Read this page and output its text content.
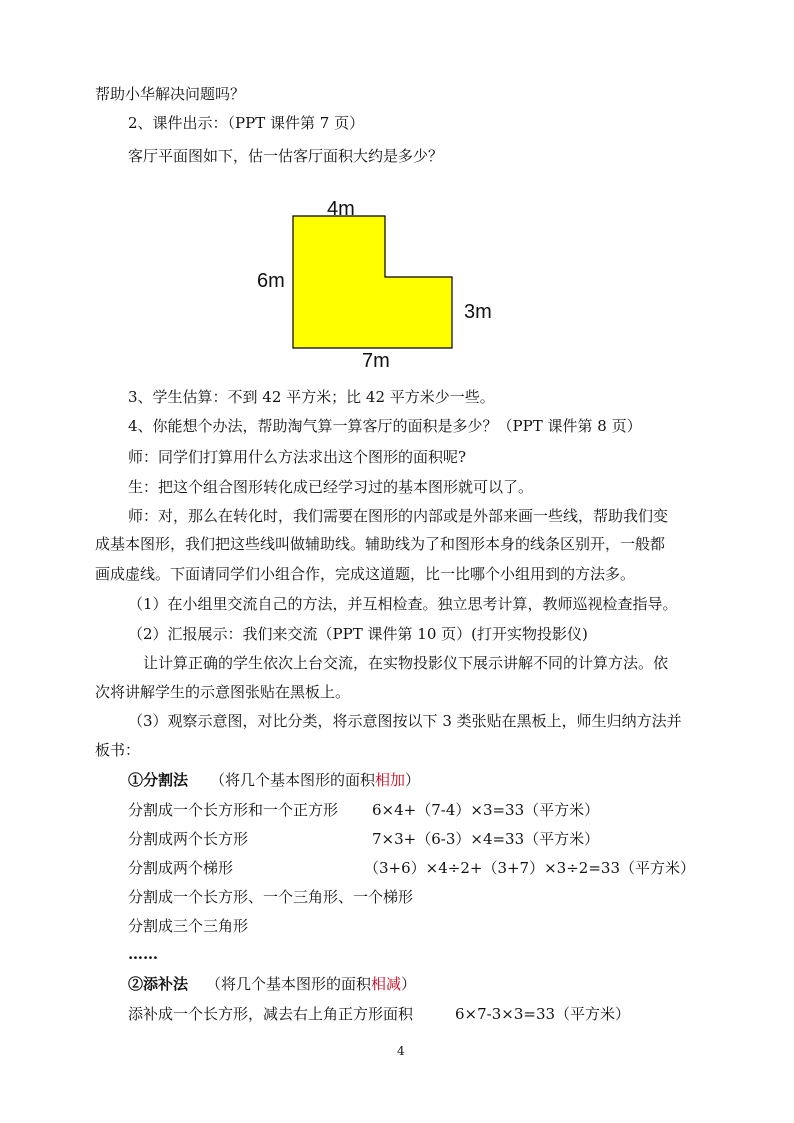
帮助小华解决问题吗？
2、课件出示：（PPT 课件第 7 页）
客厅平面图如下，估一估客厅面积大约是多少？
4m
6m
3m
7m
3、学生估算：不到 42 平方米；比 42 平方米少一些。
4、你能想个办法，帮助淘气算一算客厅的面积是多少？（PPT 课件第 8 页）
师：同学们打算用什么方法求出这个图形的面积呢?
生：把这个组合图形转化成已经学习过的基本图形就可以了。
师：对，那么在转化时，我们需要在图形的内部或是外部来画一些线，帮助我们变
成基本图形，我们把这些线叫做辅助线。辅助线为了和图形本身的线条区别开，一般都
画成虚线。下面请同学们小组合作，完成这道题，比一比哪个小组用到的方法多。
（1）在小组里交流自己的方法，并互相检查。独立思考计算，教师巡视检查指导。
（2）汇报展示：我们来交流（PPT 课件第 10 页）(打开实物投影仪)
让计算正确的学生依次上台交流，在实物投影仪下展示讲解不同的计算方法。依
次将讲解学生的示意图张贴在黑板上。
（3）观察示意图，对比分类，将示意图按以下 3 类张贴在黑板上，师生归纳方法并
板书：
①分割法 （将几个基本图形的面积相加）
分割成一个长方形和一个正方形 6×4+（7-4）×3=33（平方米）
分割成两个长方形	7×3+（6-3）×4=33（平方米）
分割成两个梯形	（3+6）×4÷2+（3+7）×3÷2=33（平方米）
分割成一个长方形、一个三角形、一个梯形
分割成三个三角形
……
②添补法 （将几个基本图形的面积相减）
添补成一个长方形，减去右上角正方形面积	6×7-3×3=33（平方米）
4
